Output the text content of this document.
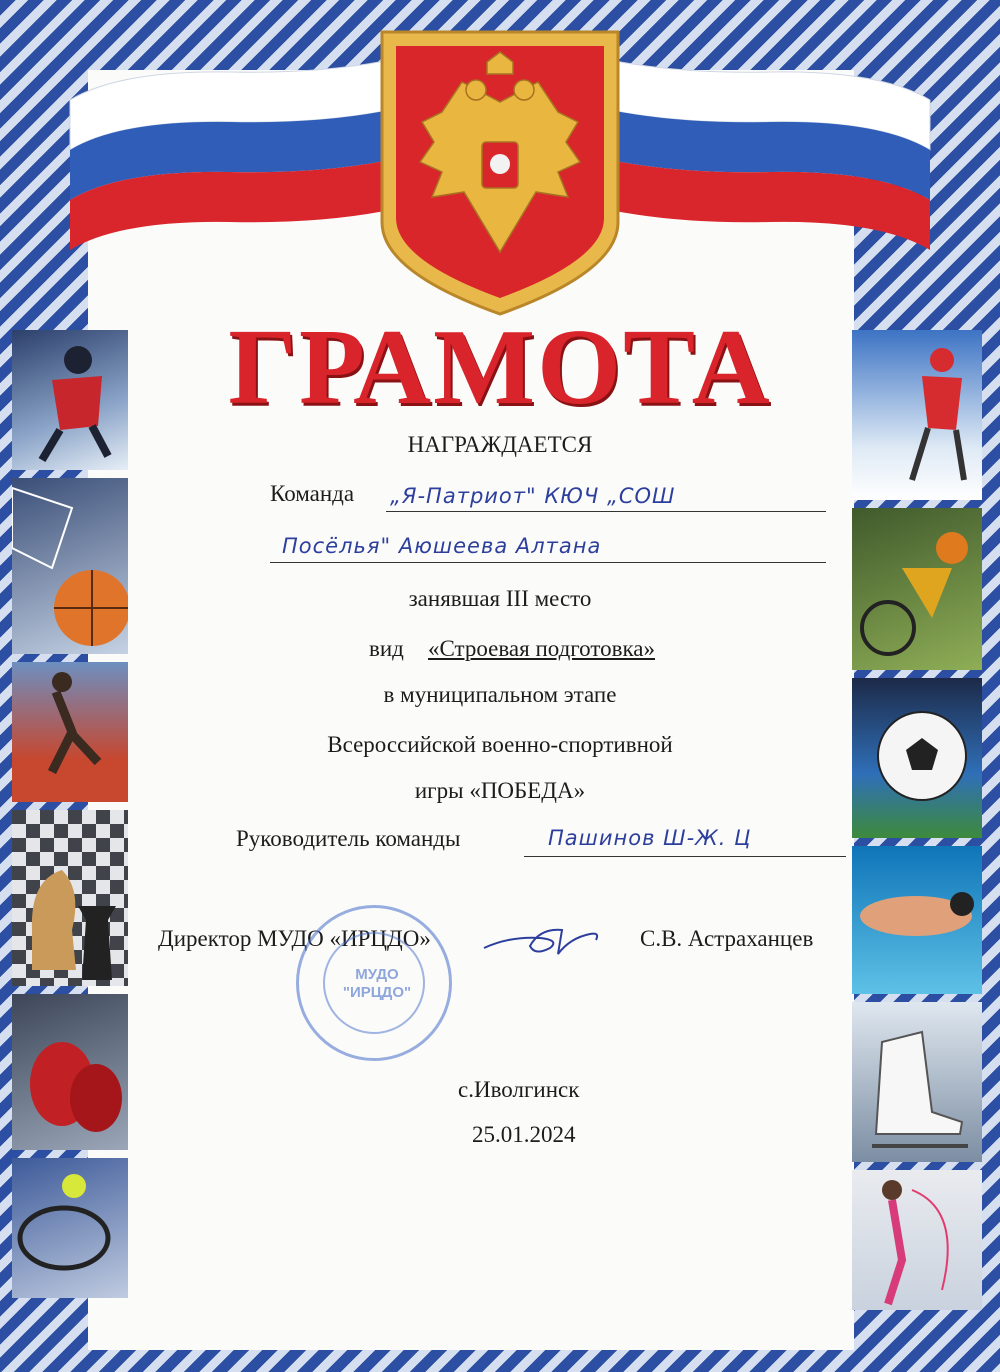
ГРАМОТА
НАГРАЖДАЕТСЯ
Команда „Я-Патриот" КЮЧ „СОШ
Посёлья" Аюшеева Алтана
занявшая III место
вид «Строевая подготовка»
в муниципальном этапе
Всероссийской военно-спортивной
игры «ПОБЕДА»
Руководитель команды	Пашинов Ш-Ж. Ц
Директор МУДО «ИРЦДО»	С.В. Астраханцев
МУДО
"ИРЦДО"
с.Иволгинск
25.01.2024
